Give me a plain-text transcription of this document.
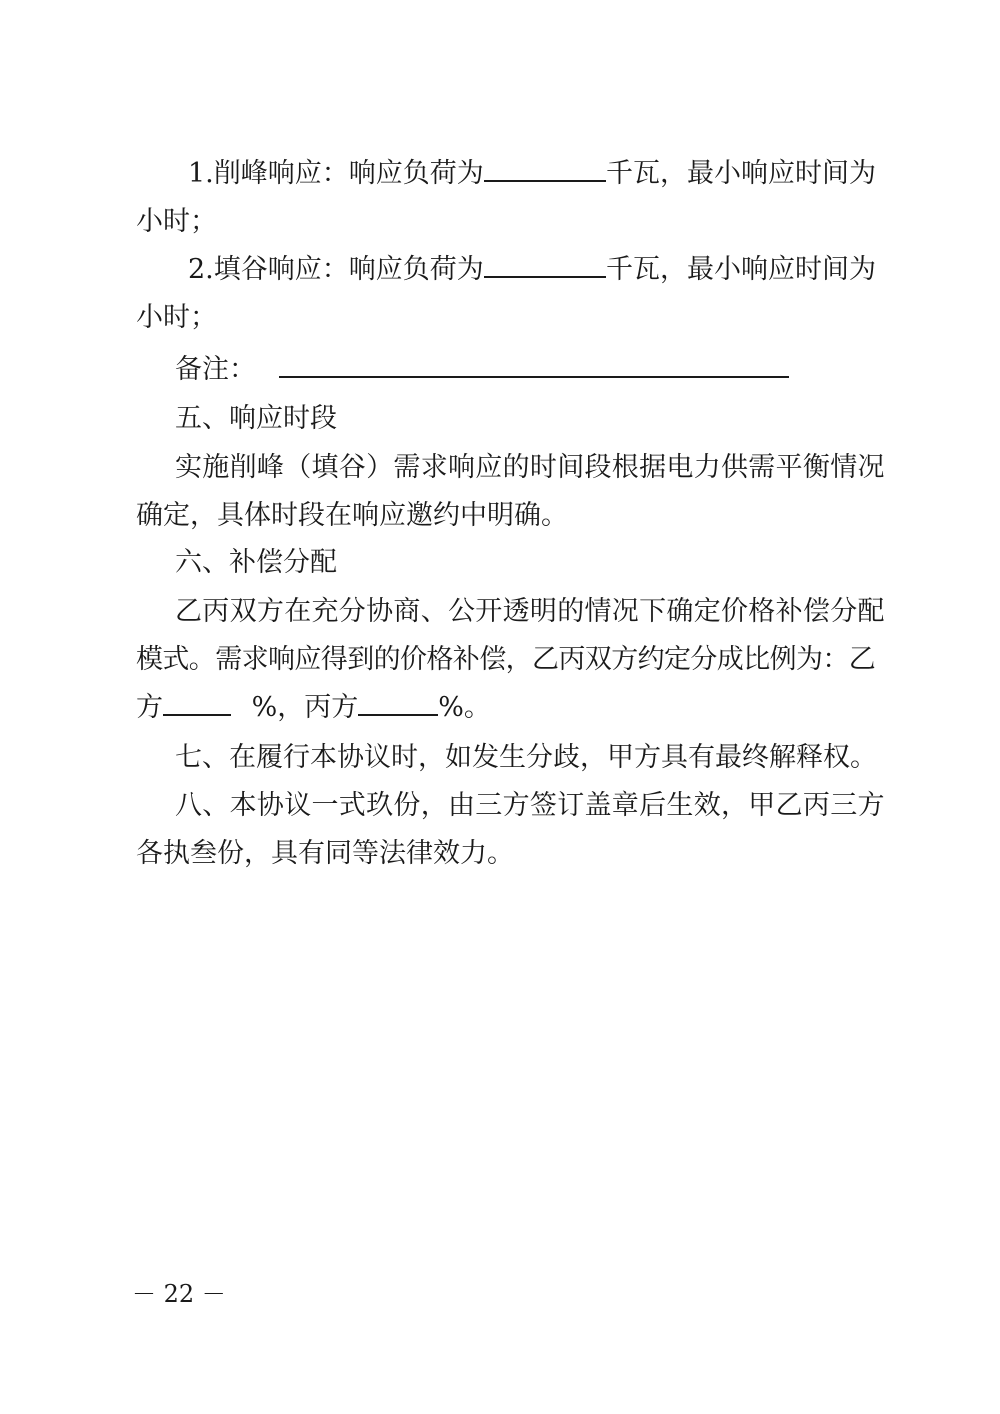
1.削峰响应：响应负荷为	千瓦，最小响应时间为
小时；
2.填谷响应：响应负荷为	千瓦，最小响应时间为
小时；
备注：
五、响应时段
实施削峰（填谷）需求响应的时间段根据电力供需平衡情况
确定，具体时段在响应邀约中明确。
六、补偿分配
乙丙双方在充分协商、公开透明的情况下确定价格补偿分配
模式。需求响应得到的价格补偿，乙丙双方约定分成比例为：乙
方	%，丙方	%。
七、在履行本协议时，如发生分歧，甲方具有最终解释权。
八、本协议一式玖份，由三方签订盖章后生效，甲乙丙三方
各执叁份，具有同等法律效力。
－ 22 －
